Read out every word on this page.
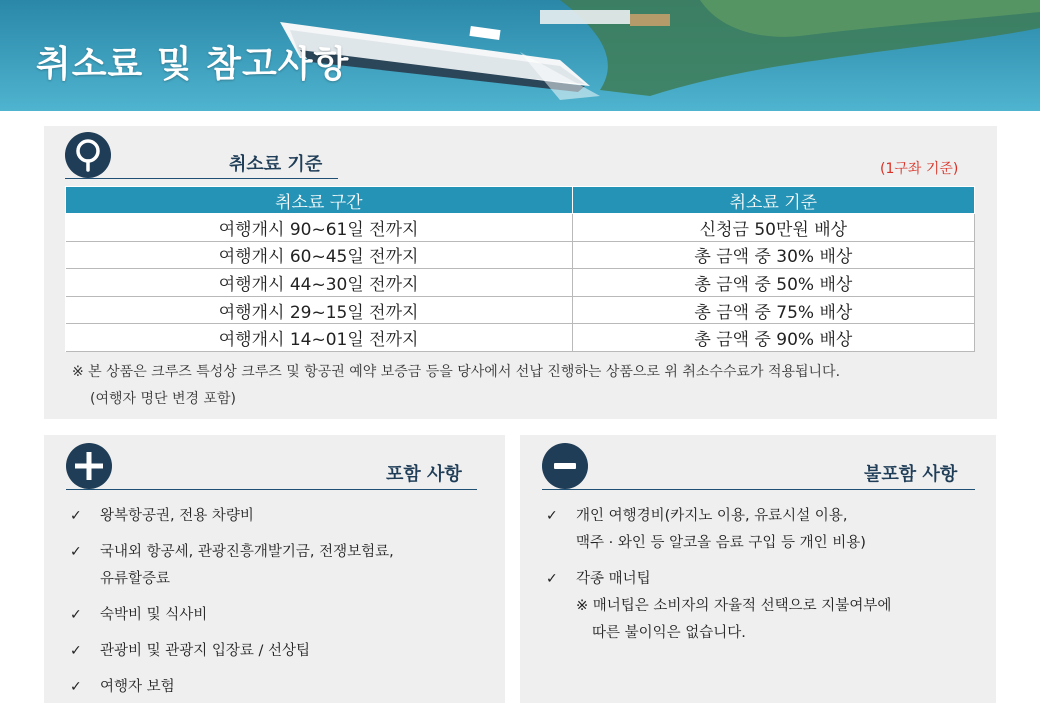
취소료 및 참고사항
취소료 기준	(1구좌 기준)
취소료 구간	취소료 기준
여행개시 90~61일 전까지	신청금 50만원 배상
여행개시 60~45일 전까지	총 금액 중 30% 배상
여행개시 44~30일 전까지	총 금액 중 50% 배상
여행개시 29~15일 전까지	총 금액 중 75% 배상
여행개시 14~01일 전까지	총 금액 중 90% 배상
※ 본 상품은 크루즈 특성상 크루즈 및 항공권 예약 보증금 등을 당사에서 선납 진행하는 상품으로 위 취소수수료가 적용됩니다.
(여행자 명단 변경 포함)
포함 사항
✓ 왕복항공권, 전용 차량비
✓ 국내외 항공세, 관광진흥개발기금, 전쟁보험료,
유류할증료
✓ 숙박비 및 식사비
✓ 관광비 및 관광지 입장료 / 선상팁
✓ 여행자 보험
불포함 사항
✓ 개인 여행경비(카지노 이용, 유료시설 이용,
맥주 · 와인 등 알코올 음료 구입 등 개인 비용)
✓ 각종 매너팁
※ 매너팁은 소비자의 자율적 선택으로 지불여부에
따른 불이익은 없습니다.
